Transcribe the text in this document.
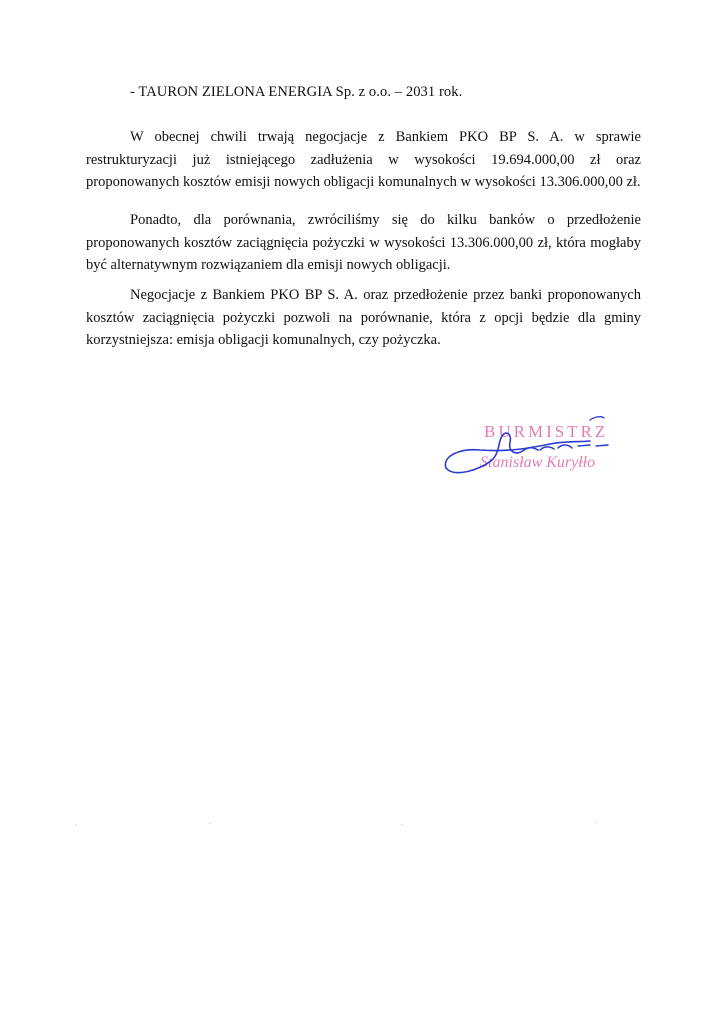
- TAURON ZIELONA ENERGIA Sp. z o.o. – 2031 rok.

W obecnej chwili trwają negocjacje z Bankiem PKO BP S. A. w sprawie restrukturyzacji już istniejącego zadłużenia w wysokości 19.694.000,00 zł oraz proponowanych kosztów emisji nowych obligacji komunalnych w wysokości 13.306.000,00 zł.

Ponadto, dla porównania, zwróciliśmy się do kilku banków o przedłożenie proponowanych kosztów zaciągnięcia pożyczki w wysokości 13.306.000,00 zł, która mogłaby być alternatywnym rozwiązaniem dla emisji nowych obligacji.

Negocjacje z Bankiem PKO BP S. A. oraz przedłożenie przez banki proponowanych kosztów zaciągnięcia pożyczki pozwoli na porównanie, która z opcji będzie dla gminy korzystniejsza: emisja obligacji komunalnych, czy pożyczka.

BURMISTRZ
Stanisław Kuryłło
